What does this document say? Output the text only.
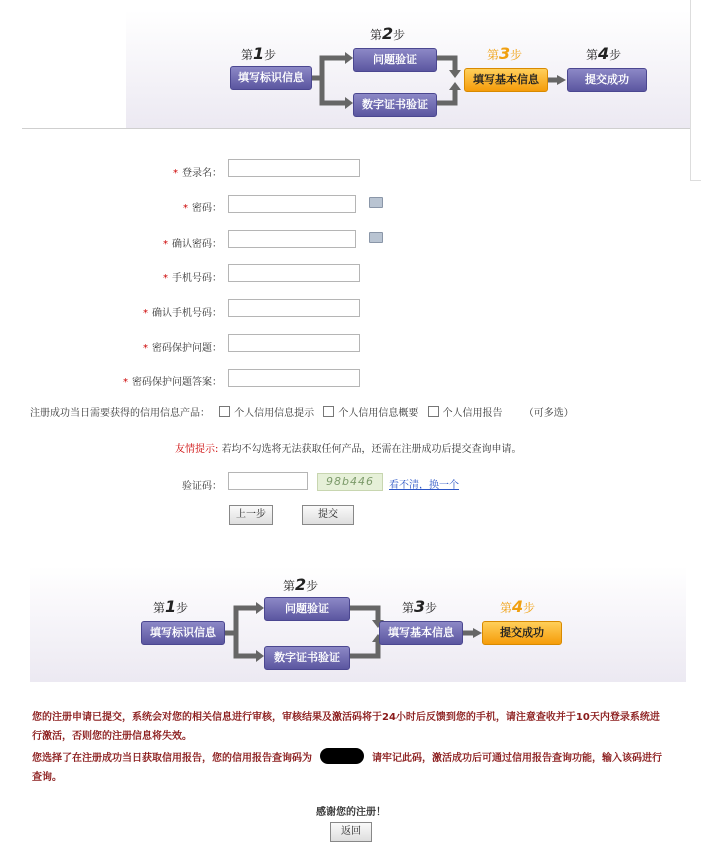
第1步
填写标识信息
第2步
问题验证
数字证书验证
第3步
填写基本信息
第4步
提交成功
* 登录名：
* 密码：
* 确认密码：
* 手机号码：
* 确认手机号码：
* 密码保护问题：
* 密码保护问题答案：
注册成功当日需要获得的信用信息产品： 个人信用信息提示 个人信用信息概要 个人信用报告 （可多选）
友情提示: 若均不勾选将无法获取任何产品，还需在注册成功后提交查询申请。
验证码：	98b446	看不清，换一个
上一步	提交
第1步
填写标识信息
第2步
问题验证
数字证书验证
第3步
填写基本信息
第4步
提交成功
您的注册申请已提交，系统会对您的相关信息进行审核，审核结果及激活码将于24小时后反馈到您的手机，请注意查收并于10天内登录系统进行激活，否则您的注册信息将失效。
您选择了在注册成功当日获取信用报告，您的信用报告查询码为	请牢记此码，激活成功后可通过信用报告查询功能，输入该码进行查询。
感谢您的注册！
返回
